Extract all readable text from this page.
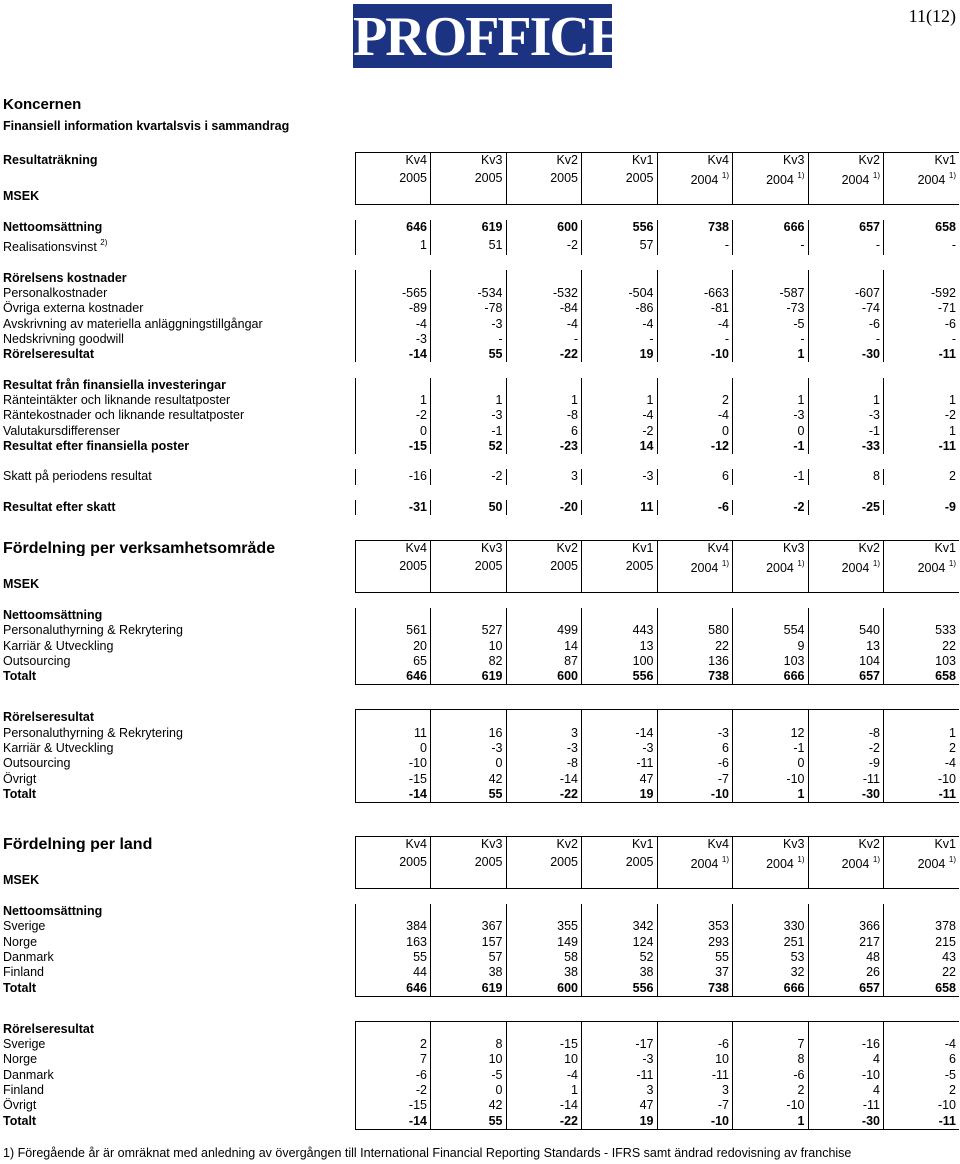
PROFFICE	11(12)
Koncernen
Finansiell information kvartalsvis i sammandrag
Resultaträkning	Kv4	Kv3	Kv2	Kv1	Kv4	Kv3	Kv2	Kv1
	2005	2005	2005	2005	2004 $^{1)}$	2004 $^{1)}$	2004 $^{1)}$	2004 $^{1)}$
MSEK								

Nettoomsättning	646	619	600	556	738	666	657	658
Realisationsvinst $^{2)}$	1	51	-2	57	-	-	-	-

Rörelsens kostnader								
Personalkostnader	-565	-534	-532	-504	-663	-587	-607	-592
Övriga externa kostnader	-89	-78	-84	-86	-81	-73	-74	-71
Avskrivning av materiella anläggningstillgångar	-4	-3	-4	-4	-4	-5	-6	-6
Nedskrivning goodwill	-3	-	-	-	-	-	-	-
Rörelseresultat	-14	55	-22	19	-10	1	-30	-11

Resultat från finansiella investeringar								
Ränteintäkter och liknande resultatposter	1	1	1	1	2	1	1	1
Räntekostnader och liknande resultatposter	-2	-3	-8	-4	-4	-3	-3	-2
Valutakursdifferenser	0	-1	6	-2	0	0	-1	1
Resultat efter finansiella poster	-15	52	-23	14	-12	-1	-33	-11

Skatt på periodens resultat	-16	-2	3	-3	6	-1	8	2

Resultat efter skatt	-31	50	-20	11	-6	-2	-25	-9
Fördelning per verksamhetsområde	Kv4	Kv3	Kv2	Kv1	Kv4	Kv3	Kv2	Kv1
	2005	2005	2005	2005	2004 $^{1)}$	2004 $^{1)}$	2004 $^{1)}$	2004 $^{1)}$
MSEK								

Nettoomsättning								
Personaluthyrning & Rekrytering	561	527	499	443	580	554	540	533
Karriär & Utveckling	20	10	14	13	22	9	13	22
Outsourcing	65	82	87	100	136	103	104	103
Totalt	646	619	600	556	738	666	657	658

Rörelseresultat								
Personaluthyrning & Rekrytering	11	16	3	-14	-3	12	-8	1
Karriär & Utveckling	0	-3	-3	-3	6	-1	-2	2
Outsourcing	-10	0	-8	-11	-6	0	-9	-4
Övrigt	-15	42	-14	47	-7	-10	-11	-10
Totalt	-14	55	-22	19	-10	1	-30	-11
Fördelning per land	Kv4	Kv3	Kv2	Kv1	Kv4	Kv3	Kv2	Kv1
	2005	2005	2005	2005	2004 $^{1)}$	2004 $^{1)}$	2004 $^{1)}$	2004 $^{1)}$
MSEK								

Nettoomsättning								
Sverige	384	367	355	342	353	330	366	378
Norge	163	157	149	124	293	251	217	215
Danmark	55	57	58	52	55	53	48	43
Finland	44	38	38	38	37	32	26	22
Totalt	646	619	600	556	738	666	657	658

Rörelseresultat								
Sverige	2	8	-15	-17	-6	7	-16	-4
Norge	7	10	10	-3	10	8	4	6
Danmark	-6	-5	-4	-11	-11	-6	-10	-5
Finland	-2	0	1	3	3	2	4	2
Övrigt	-15	42	-14	47	-7	-10	-11	-10
Totalt	-14	55	-22	19	-10	1	-30	-11
1) Föregående år är omräknat med anledning av övergången till International Financial Reporting Standards - IFRS samt ändrad redovisning av franchise
